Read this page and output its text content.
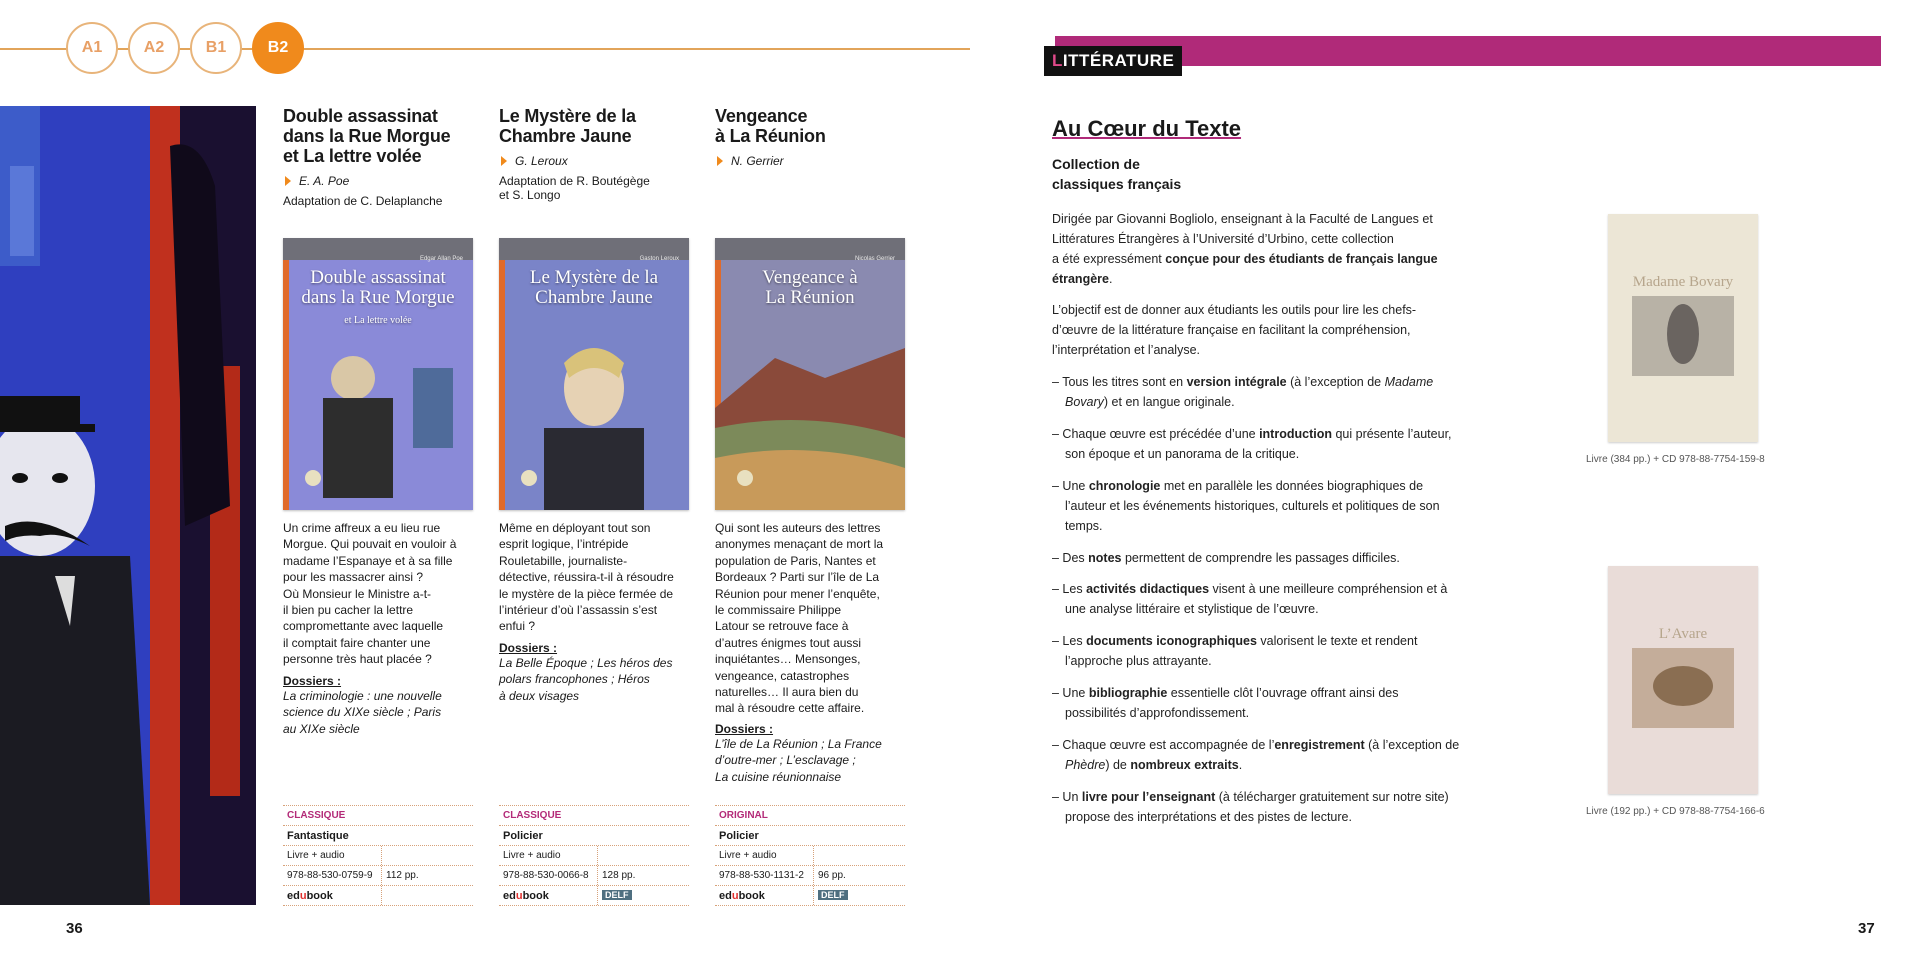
A1	A2	B1	B2
Double assassinat
dans la Rue Morgue
et La lettre volée
E. A. Poe
Adaptation de C. Delaplanche
Edgar Allan Poe
Double assassinat
dans la Rue Morgue
et La lettre volée
Un crime affreux a eu lieu rue
Morgue. Qui pouvait en vouloir à
madame l’Espanaye et à sa fille
pour les massacrer ainsi ?
Où Monsieur le Ministre a-t-
il bien pu cacher la lettre
compromettante avec laquelle
il comptait faire chanter une
personne très haut placée ?
Dossiers :
La criminologie : une nouvelle
science du XIXe siècle ; Paris
au XIXe siècle
CLASSIQUE
Fantastique
Livre + audio
978-88-530-0759-9	112 pp.
ed u book
Le Mystère de la
Chambre Jaune
G. Leroux
Adaptation de R. Boutégège
et S. Longo
Gaston Leroux
Le Mystère de la
Chambre Jaune
Même en déployant tout son
esprit logique, l’intrépide
Rouletabille, journaliste-
détective, réussira-t-il à résoudre
le mystère de la pièce fermée de
l’intérieur d’où l’assassin s’est
enfui ?
Dossiers :
La Belle Époque ; Les héros des
polars francophones ; Héros
à deux visages
CLASSIQUE
Policier
Livre + audio
978-88-530-0066-8	128 pp.
ed u book	DELF
Vengeance
à La Réunion
N. Gerrier
Nicolas Gerrier
Vengeance à
La Réunion
Qui sont les auteurs des lettres
anonymes menaçant de mort la
population de Paris, Nantes et
Bordeaux ? Parti sur l’île de La
Réunion pour mener l’enquête,
le commissaire Philippe
Latour se retrouve face à
d’autres énigmes tout aussi
inquiétantes… Mensonges,
vengeance, catastrophes
naturelles… Il aura bien du
mal à résoudre cette affaire.
Dossiers :
L’île de La Réunion ; La France
d’outre-mer ; L’esclavage ;
La cuisine réunionnaise
ORIGINAL
Policier
Livre + audio
978-88-530-1131-2	96 pp.
ed u book	DELF
36
L ITTÉRATURE
Au Cœur du Texte
Collection de
classiques français
Dirigée par Giovanni Bogliolo, enseignant à la Faculté de Langues et
Littératures Étrangères à l’Université d’Urbino, cette collection
a été expressément conçue pour des étudiants de français langue
étrangère.
L’objectif est de donner aux étudiants les outils pour lire les chefs-
d’œuvre de la littérature française en facilitant la compréhension,
l’interprétation et l’analyse.
– Tous les titres sont en version intégrale (à l’exception de Madame Bovary) et en langue originale.
– Chaque œuvre est précédée d’une introduction qui présente l’auteur, son époque et un panorama de la critique.
– Une chronologie met en parallèle les données biographiques de l’auteur et les événements historiques, culturels et politiques de son temps.
– Des notes permettent de comprendre les passages difficiles.
– Les activités didactiques visent à une meilleure compréhension et à une analyse littéraire et stylistique de l’œuvre.
– Les documents iconographiques valorisent le texte et rendent l’approche plus attrayante.
– Une bibliographie essentielle clôt l’ouvrage offrant ainsi des possibilités d’approfondissement.
– Chaque œuvre est accompagnée de l’enregistrement (à l’exception de Phèdre) de nombreux extraits.
– Un livre pour l’enseignant (à télécharger gratuitement sur notre site) propose des interprétations et des pistes de lecture.
Madame Bovary
Livre (384 pp.) + CD 978-88-7754-159-8
L’Avare
Livre (192 pp.) + CD 978-88-7754-166-6
37
